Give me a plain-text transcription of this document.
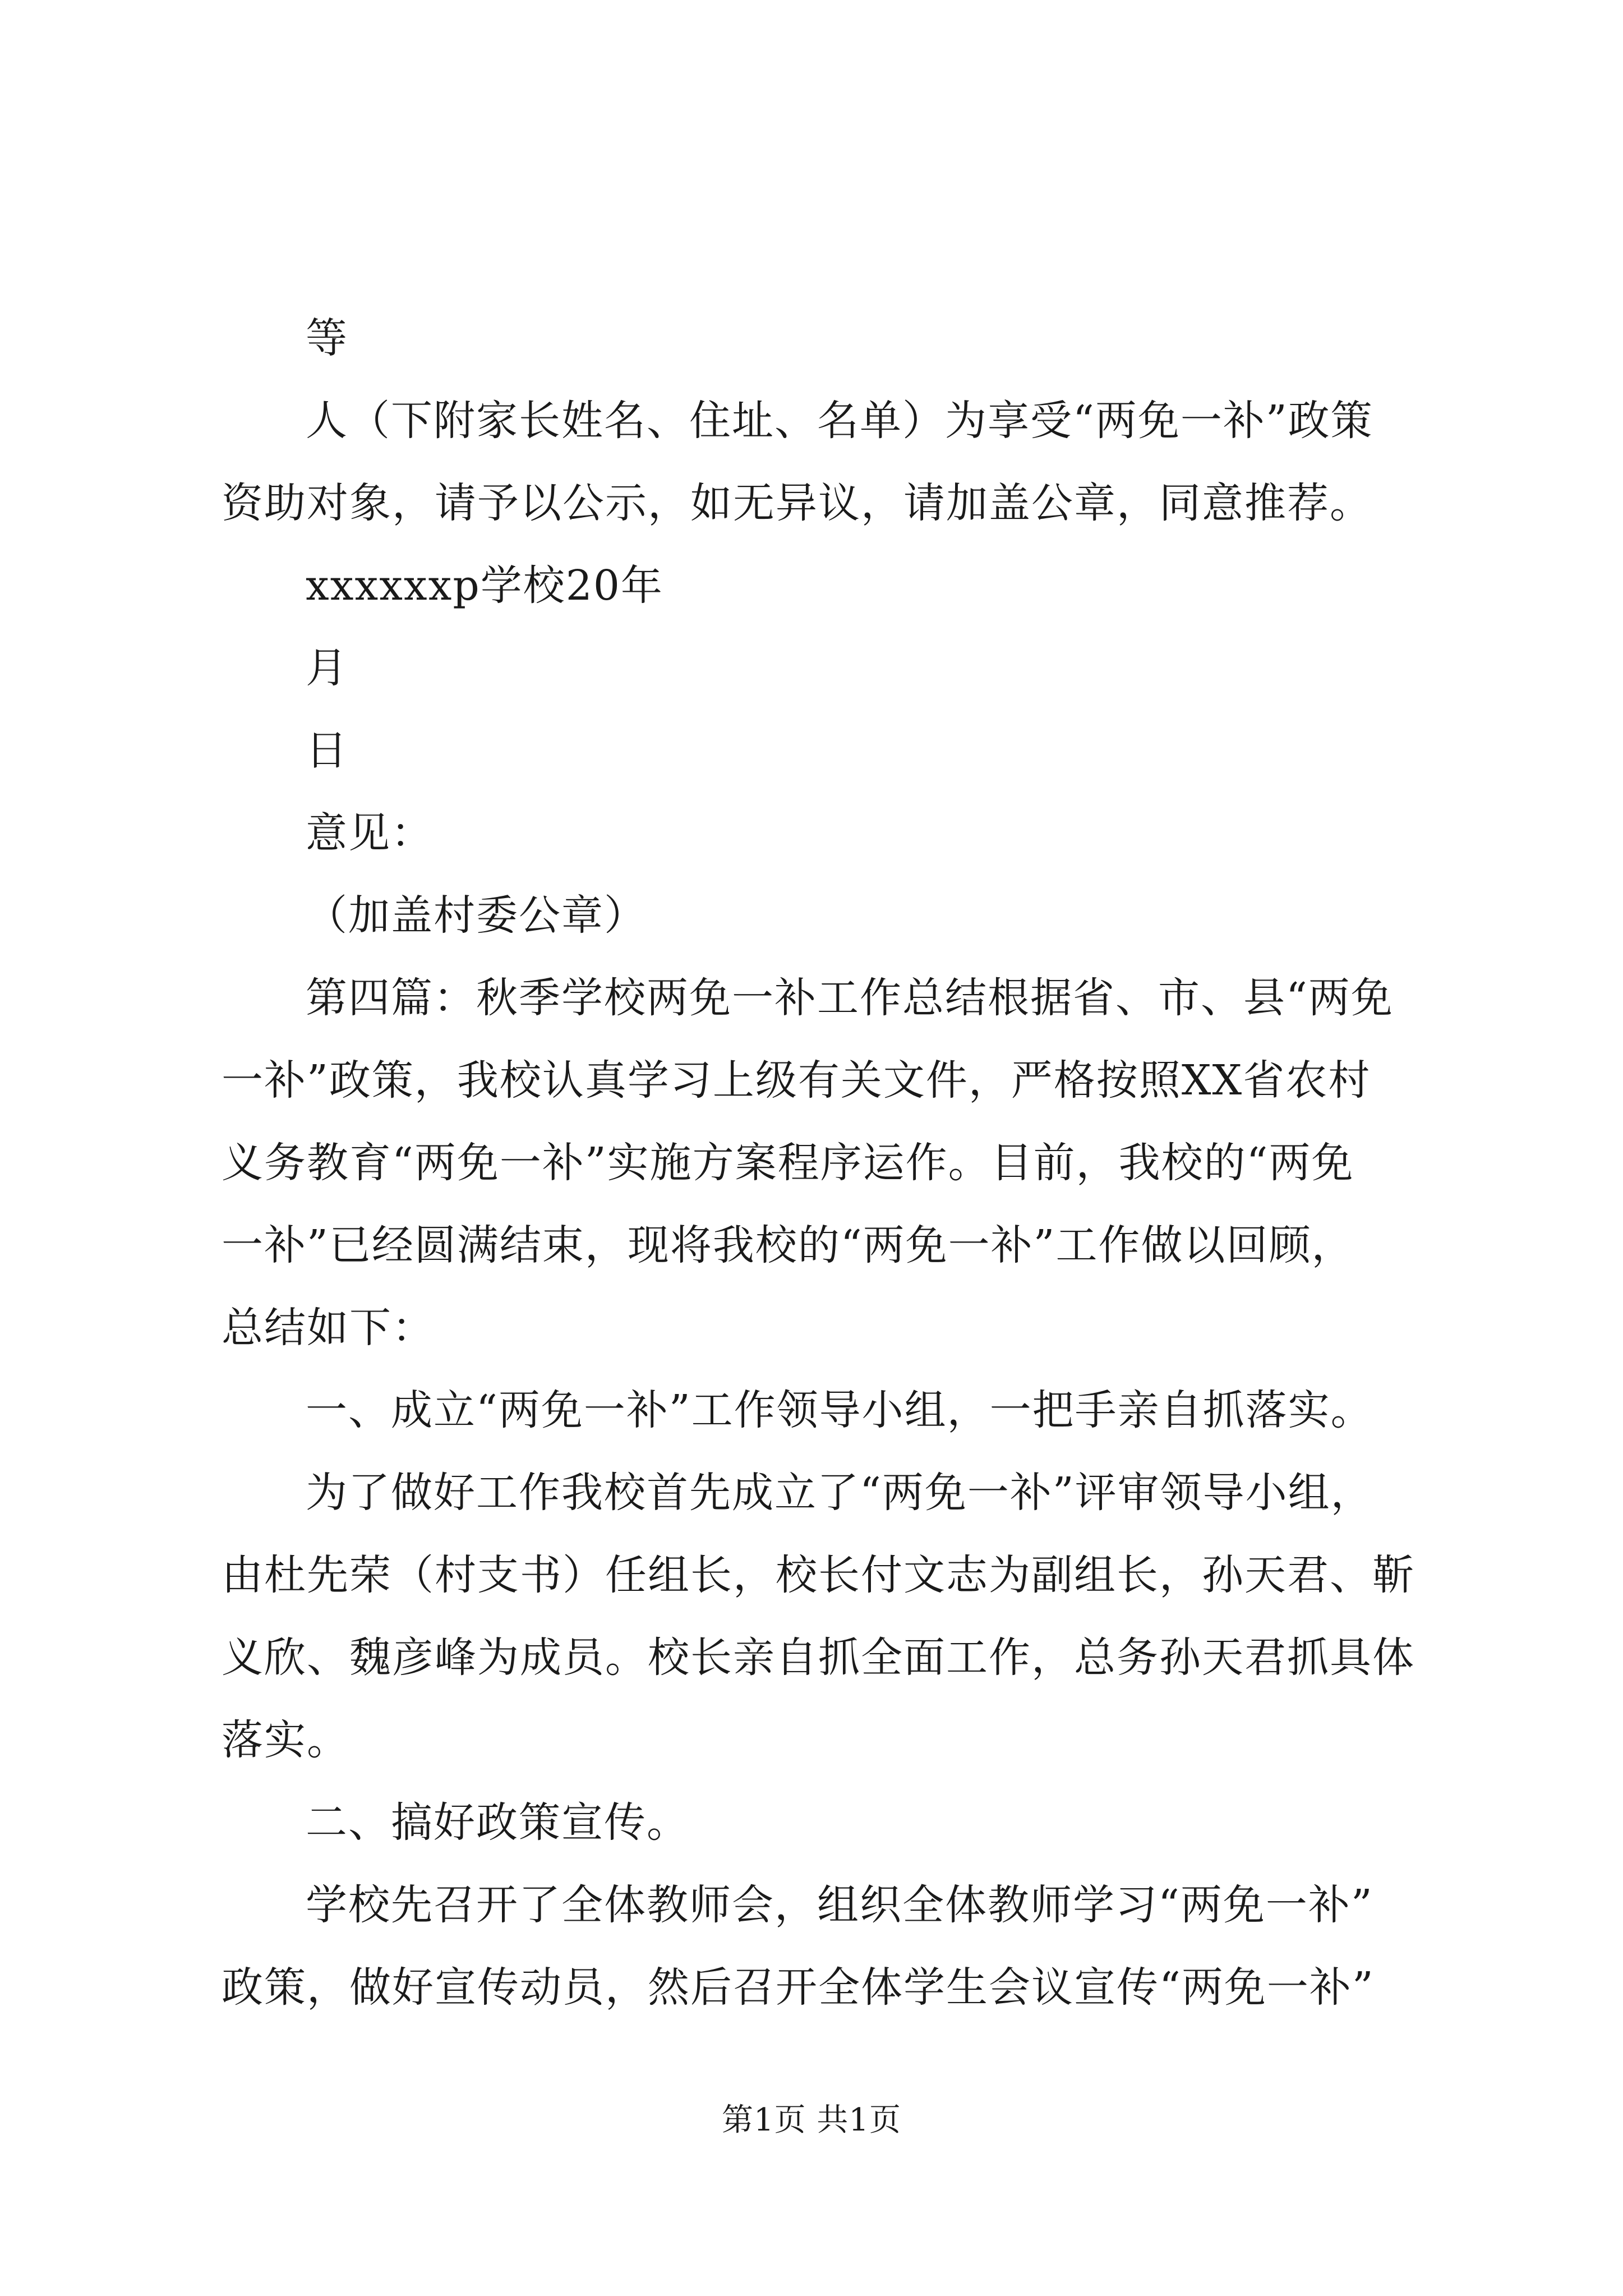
等
人（下附家长姓名、住址、名单）为享受“两免一补”政策
资助对象，请予以公示，如无异议，请加盖公章，同意推荐。
xxxxxxp学校20年
月
日
意见：
（加盖村委公章）
第四篇：秋季学校两免一补工作总结根据省、市、县“两免
一补”政策，我校认真学习上级有关文件，严格按照XX省农村
义务教育“两免一补”实施方案程序运作。目前，我校的“两免
一补”已经圆满结束，现将我校的“两免一补”工作做以回顾，
总结如下：
一、成立“两免一补”工作领导小组，一把手亲自抓落实。
为了做好工作我校首先成立了“两免一补”评审领导小组，
由杜先荣（村支书）任组长，校长付文志为副组长，孙天君、靳
义欣、魏彦峰为成员。校长亲自抓全面工作，总务孙天君抓具体
落实。
二、搞好政策宣传。
学校先召开了全体教师会，组织全体教师学习“两免一补”
政策，做好宣传动员，然后召开全体学生会议宣传“两免一补”
第1页 共1页
